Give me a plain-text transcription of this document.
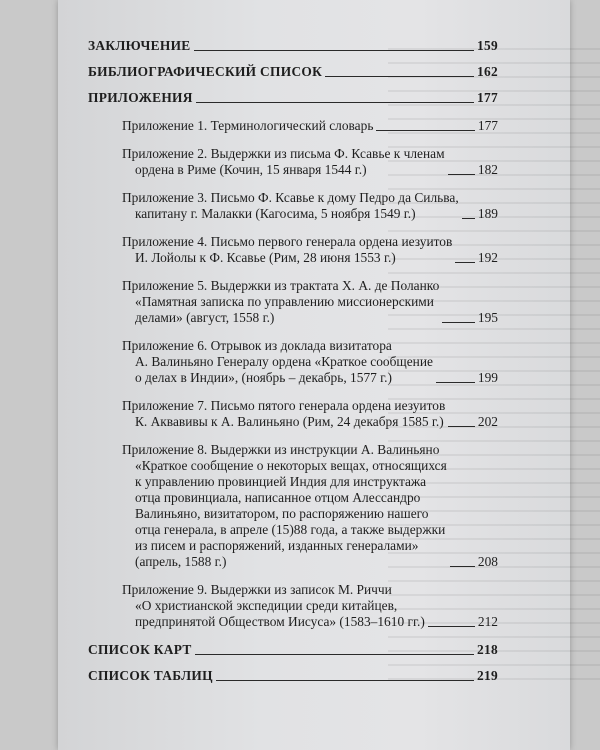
ЗАКЛЮЧЕНИЕ	159
БИБЛИОГРАФИЧЕСКИЙ СПИСОК	162
ПРИЛОЖЕНИЯ	177
Приложение 1. Терминологический словарь	177
Приложение 2. Выдержки из письма Ф. Ксавье к членам
ордена в Риме (Кочин, 15 января 1544 г.)	182
Приложение 3. Письмо Ф. Ксавье к дому Педро да Сильва,
капитану г. Малакки (Кагосима, 5 ноября 1549 г.)	189
Приложение 4. Письмо первого генерала ордена иезуитов
И. Лойолы к Ф. Ксавье (Рим, 28 июня 1553 г.)	192
Приложение 5. Выдержки из трактата Х. А. де Поланко
«Памятная записка по управлению миссионерскими
делами» (август, 1558 г.)	195
Приложение 6. Отрывок из доклада визитатора
А. Валиньяно Генералу ордена «Краткое сообщение
о делах в Индии», (ноябрь – декабрь, 1577 г.)	199
Приложение 7. Письмо пятого генерала ордена иезуитов
К. Аквавивы к А. Валиньяно (Рим, 24 декабря 1585 г.)	202
Приложение 8. Выдержки из инструкции А. Валиньяно
«Краткое сообщение о некоторых вещах, относящихся
к управлению провинцией Индия для инструктажа
отца провинциала, написанное отцом Алессандро
Валиньяно, визитатором, по распоряжению нашего
отца генерала, в апреле (15)88 года, а также выдержки
из писем и распоряжений, изданных генералами»
(апрель, 1588 г.)	208
Приложение 9. Выдержки из записок М. Риччи
«О христианской экспедиции среди китайцев,
предпринятой Обществом Иисуса» (1583–1610 гг.)	212
СПИСОК КАРТ	218
СПИСОК ТАБЛИЦ	219
